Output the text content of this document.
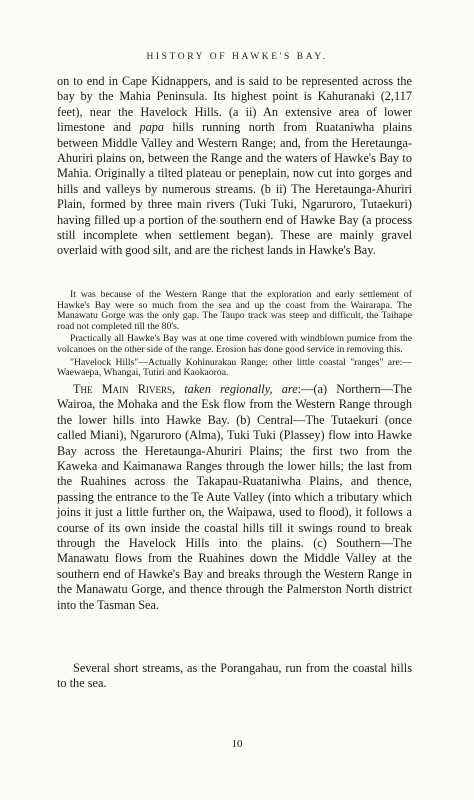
HISTORY OF HAWKE'S BAY.

on to end in Cape Kidnappers, and is said to be represented across the bay by the Mahia Peninsula. Its highest point is Kahuranaki (2,117 feet), near the Havelock Hills. (a ii) An extensive area of lower limestone and papa hills running north from Ruataniwha plains between Middle Valley and Western Range; and, from the Heretaunga-Ahuriri plains on, between the Range and the waters of Hawke's Bay to Mahia. Originally a tilted plateau or peneplain, now cut into gorges and hills and valleys by numerous streams. (b ii) The Heretaunga-Ahuriri Plain, formed by three main rivers (Tuki Tuki, Ngaruroro, Tutaekuri) having filled up a portion of the southern end of Hawke Bay (a process still incomplete when settlement began). These are mainly gravel overlaid with good silt, and are the richest lands in Hawke's Bay.

It was because of the Western Range that the exploration and early settlement of Hawke's Bay were so much from the sea and up the coast from the Wairarapa. The Manawatu Gorge was the only gap. The Taupo track was steep and difficult, the Taihape road not completed till the 80's.

Practically all Hawke's Bay was at one time covered with windblown pumice from the volcanoes on the other side of the range. Erosion has done good service in removing this.

"Havelock Hills"—Actually Kohinurakau Range; other little coastal "ranges" are:—Waewaepa, Whangai, Tutiri and Kaokaoroa.

The Main Rivers, taken regionally, are:—(a) Northern—The Wairoa, the Mohaka and the Esk flow from the Western Range through the lower hills into Hawke Bay. (b) Central—The Tutaekuri (once called Miani), Ngaruroro (Alma), Tuki Tuki (Plassey) flow into Hawke Bay across the Heretaunga-Ahuriri Plains; the first two from the Kaweka and Kaimanawa Ranges through the lower hills; the last from the Ruahines across the Takapau-Ruataniwha Plains, and thence, passing the entrance to the Te Aute Valley (into which a tributary which joins it just a little further on, the Waipawa, used to flood), it follows a course of its own inside the coastal hills till it swings round to break through the Havelock Hills into the plains. (c) Southern—The Manawatu flows from the Ruahines down the Middle Valley at the southern end of Hawke's Bay and breaks through the Western Range in the Manawatu Gorge, and thence through the Palmerston North district into the Tasman Sea.

Several short streams, as the Porangahau, run from the coastal hills to the sea.

10
